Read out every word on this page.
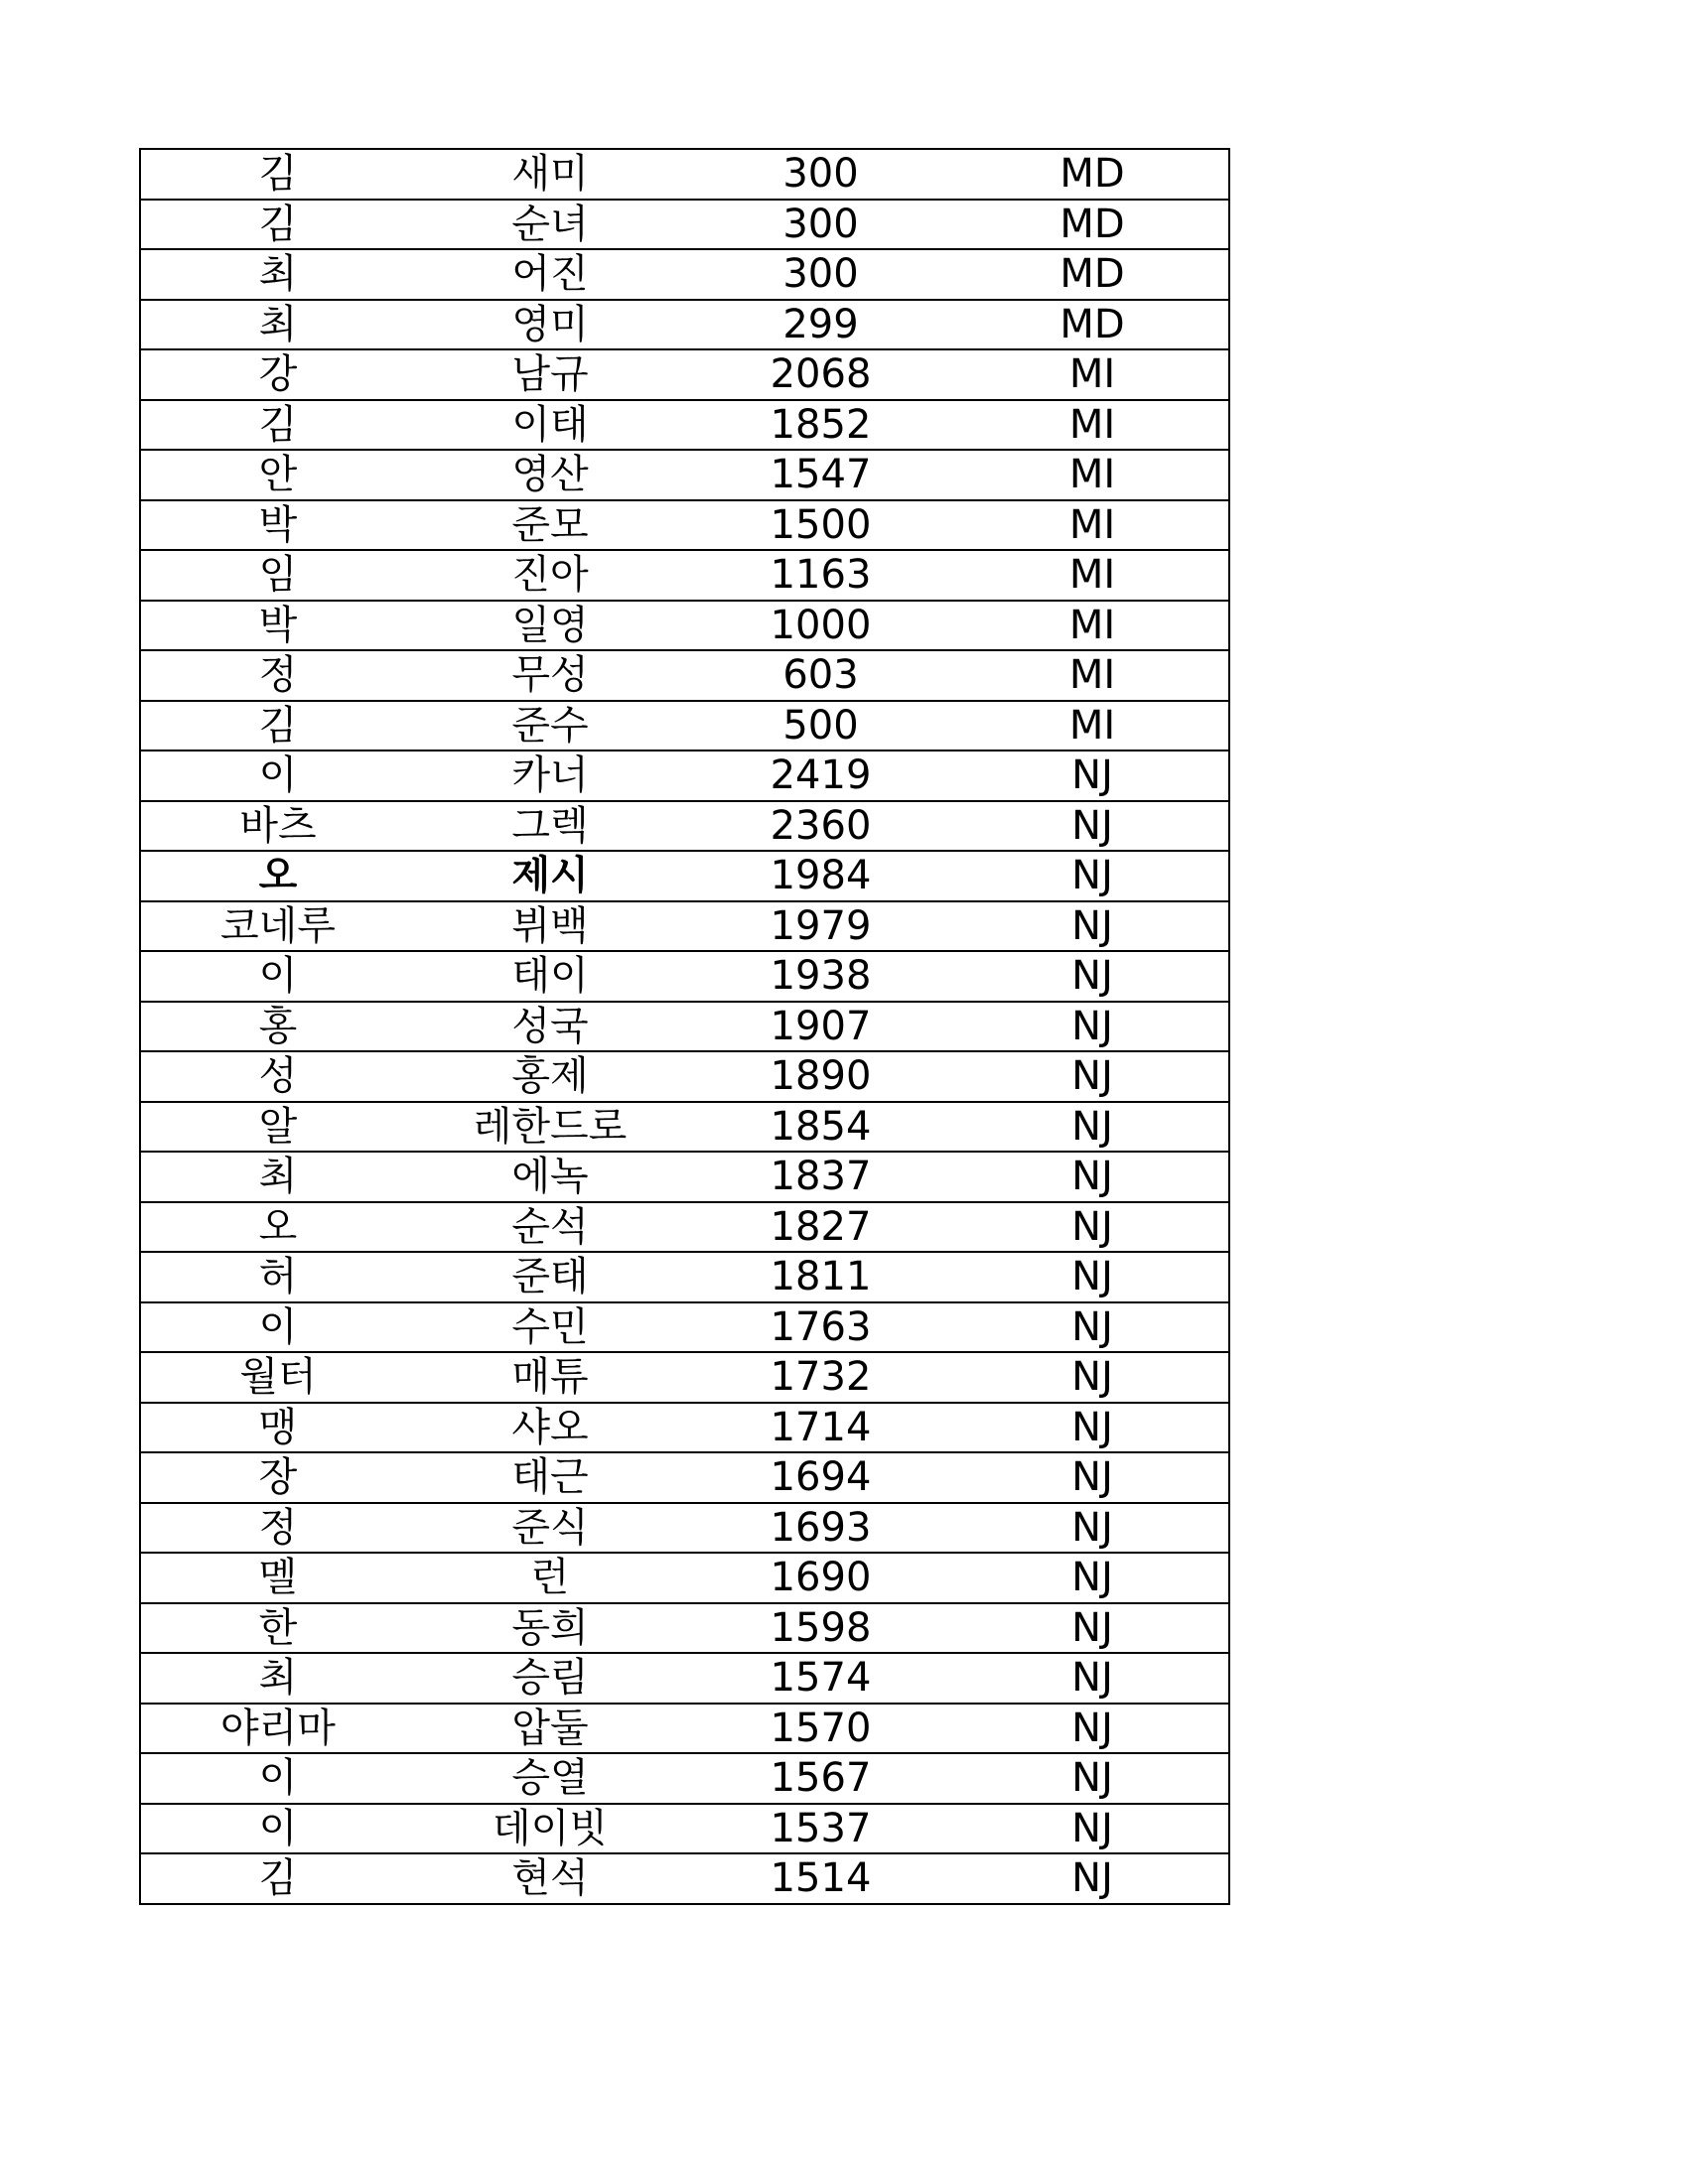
김	새미	300	MD
김	순녀	300	MD
최	어진	300	MD
최	영미	299	MD
강	남규	2068	MI
김	이태	1852	MI
안	영산	1547	MI
박	준모	1500	MI
임	진아	1163	MI
박	일영	1000	MI
정	무성	603	MI
김	준수	500	MI
이	카너	2419	NJ
바츠	그렉	2360	NJ
오	제시	1984	NJ
코네루	뷔백	1979	NJ
이	태이	1938	NJ
홍	성국	1907	NJ
성	홍제	1890	NJ
알	레한드로	1854	NJ
최	에녹	1837	NJ
오	순석	1827	NJ
허	준태	1811	NJ
이	수민	1763	NJ
월터	매튜	1732	NJ
맹	샤오	1714	NJ
장	태근	1694	NJ
정	준식	1693	NJ
멜	런	1690	NJ
한	동희	1598	NJ
최	승림	1574	NJ
야리마	압둘	1570	NJ
이	승열	1567	NJ
이	데이빗	1537	NJ
김	현석	1514	NJ
